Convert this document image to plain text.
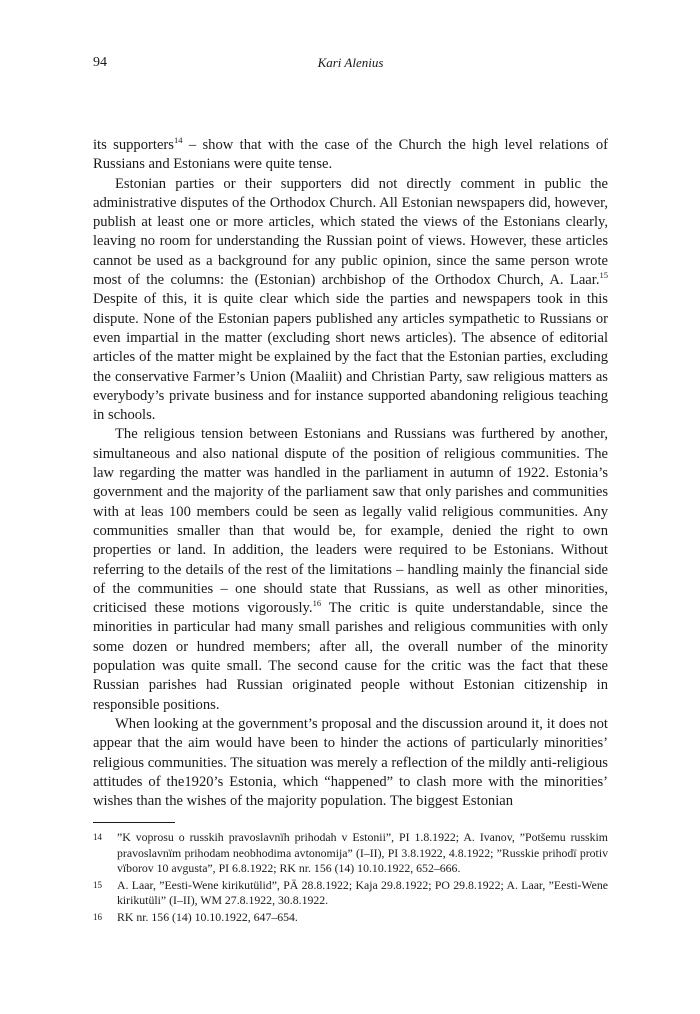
94	Kari Alenius

its supporters$^{14}$ – show that with the case of the Church the high level relations of Russians and Estonians were quite tense.

Estonian parties or their supporters did not directly comment in public the administrative disputes of the Orthodox Church. All Estonian newspapers did, however, publish at least one or more articles, which stated the views of the Estonians clearly, leaving no room for understanding the Russian point of views. However, these articles cannot be used as a background for any public opinion, since the same person wrote most of the columns: the (Estonian) archbishop of the Orthodox Church, A. Laar.$^{15}$ Despite of this, it is quite clear which side the parties and newspapers took in this dispute. None of the Estonian papers published any articles sympathetic to Russians or even impartial in the matter (excluding short news articles). The absence of editorial articles of the matter might be explained by the fact that the Estonian parties, excluding the conservative Farmer’s Union (Maaliit) and Christian Party, saw religious matters as everybody’s private business and for instance supported abandoning religious teaching in schools.

The religious tension between Estonians and Russians was furthered by another, simultaneous and also national dispute of the position of religious communities. The law regarding the matter was handled in the parliament in autumn of 1922. Estonia’s government and the majority of the parliament saw that only parishes and communities with at leas 100 members could be seen as legally valid religious communities. Any communities smaller than that would be, for example, denied the right to own properties or land. In addition, the leaders were required to be Estonians. Without referring to the details of the rest of the limitations – handling mainly the financial side of the communities – one should state that Russians, as well as other minorities, criticised these motions vigorously.$^{16}$ The critic is quite understandable, since the minorities in particular had many small parishes and religious communities with only some dozen or hundred members; after all, the overall number of the minority population was quite small. The second cause for the critic was the fact that these Russian parishes had Russian originated people without Estonian citizenship in responsible positions.

When looking at the government’s proposal and the discussion around it, it does not appear that the aim would have been to hinder the actions of particularly minorities’ religious communities. The situation was merely a reflection of the mildly anti-religious attitudes of the1920’s Estonia, which “happened” to clash more with the minorities’ wishes than the wishes of the majority population. The biggest Estonian

14 ”K voprosu o russkih pravoslavnïh prihodah v Estonii”, PI 1.8.1922; A. Ivanov, ”Potšemu russkim pravoslavnïm prihodam neobhodima avtonomija” (I–II), PI 3.8.1922, 4.8.1922; ”Russkie prihodï protiv vïborov 10 avgusta”, PI 6.8.1922; RK nr. 156 (14) 10.10.1922, 652–666.
15 A. Laar, ”Eesti-Wene kirikutülid”, PÄ 28.8.1922; Kaja 29.8.1922; PO 29.8.1922; A. Laar, ”Eesti-Wene kirikutüli” (I–II), WM 27.8.1922, 30.8.1922.
16 RK nr. 156 (14) 10.10.1922, 647–654.
